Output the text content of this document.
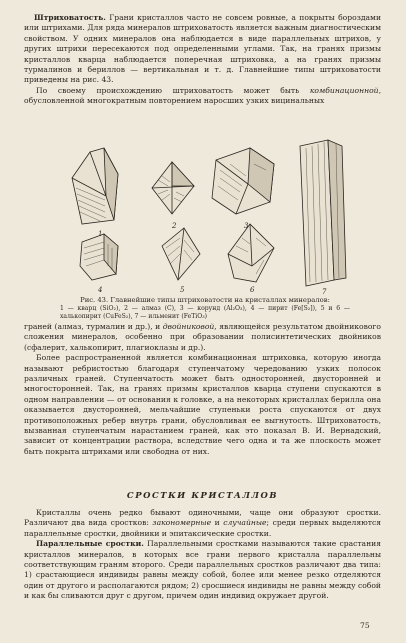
Штриховатость. Грани кристаллов часто не совсем ровные, а покрыты бороздами или штрихами. Для ряда минералов штриховатость является важным диагностическим свойством. У одних минералов она наблюдается в виде параллельных штрихов, у других штрихи пересекаются под определенными углами. Так, на гранях призмы кристаллов кварца наблюдается поперечная штриховка, а на гранях призмы турмалинов и бериллов — вертикальная и т. д. Главнейшие типы штриховатости приведены на рис. 43.

По своему происхождению штриховатость может быть комбинационной, обусловленной многократным повторением наросших узких вицинальных

1
2	3
4	5	6	7
Рис. 43. Главнейшие типы штриховатости на кристаллах минералов:
1 — кварц (SiO₂), 2 — алмаз (C), 3 — корунд (Al₂O₃), 4 — пирит (Fe[S₂]), 5 и 6 — халькопирит (CuFeS₂), 7 — ильменит (FeTiO₃)

граней (алмаз, турмалин и др.), и двойниковой, являющейся результатом двойникового сложения минералов, особенно при образовании полисинтетических двойников (сфалерит, халькопирит, плагиоклазы и др.).

Более распространенной является комбинационная штриховка, которую иногда называют ребристостью благодаря ступенчатому чередованию узких полосок различных граней. Ступенчатость может быть односторонней, двусторонней и многосторонней. Так, на гранях призмы кристаллов кварца ступени спускаются в одном направлении — от основания к головке, а на некоторых кристаллах берилла она оказывается двусторонней, мельчайшие ступеньки роста спускаются от двух противоположных ребер внутрь грани, обусловливая ее выгнутость. Штриховатость, вызванная ступенчатым нарастанием граней, как это показал В. И. Вернадский, зависит от концентрации раствора, вследствие чего одна и та же плоскость может быть покрыта штрихами или свободна от них.

СРОСТКИ КРИСТАЛЛОВ

Кристаллы очень редко бывают одиночными, чаще они образуют сростки. Различают два вида сростков: закономерные и случайные; среди первых выделяются параллельные сростки, двойники и эпитаксические сростки.

Параллельные сростки. Параллельными сростками называются такие срастания кристаллов минералов, в которых все грани первого кристалла параллельны соответствующим граням второго. Среди параллельных сростков различают два типа: 1) срастающиеся индивиды равны между собой, более или менее резко отделяются один от другого и располагаются рядом; 2) сросшиеся индивиды не равны между собой и как бы сливаются друг с другом, причем один индивид окружает другой.

75
